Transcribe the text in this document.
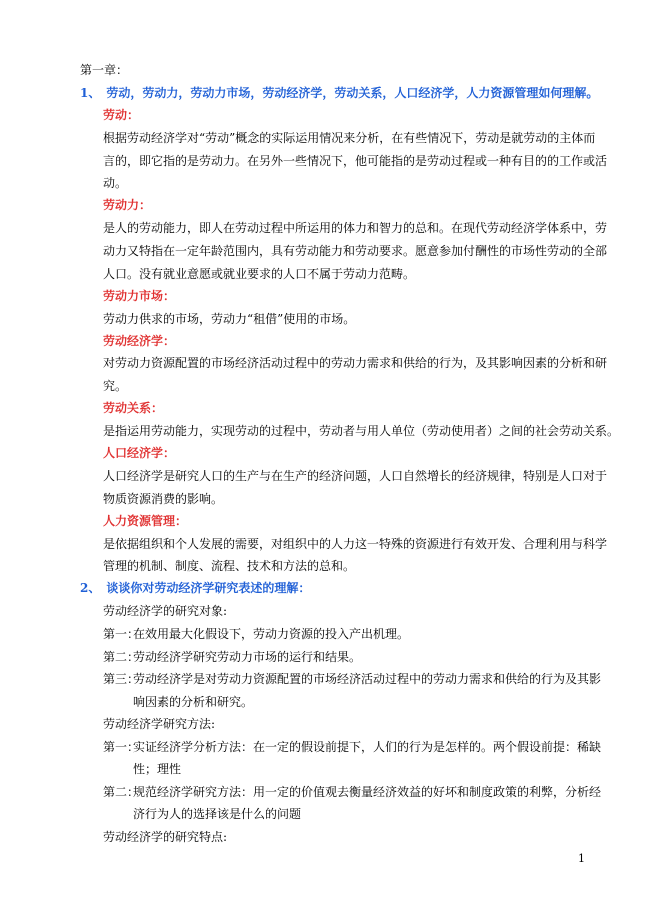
第一章：
1、 劳动，劳动力，劳动力市场，劳动经济学，劳动关系，人口经济学，人力资源管理如何理解。
劳动：
根据劳动经济学对“劳动”概念的实际运用情况来分析，在有些情况下，劳动是就劳动的主体而
言的，即它指的是劳动力。在另外一些情况下，他可能指的是劳动过程或一种有目的的工作或活
动。
劳动力：
是人的劳动能力，即人在劳动过程中所运用的体力和智力的总和。在现代劳动经济学体系中，劳
动力又特指在一定年龄范围内，具有劳动能力和劳动要求。愿意参加付酬性的市场性劳动的全部
人口。没有就业意愿或就业要求的人口不属于劳动力范畴。
劳动力市场：
劳动力供求的市场，劳动力“租借”使用的市场。
劳动经济学：
对劳动力资源配置的市场经济活动过程中的劳动力需求和供给的行为，及其影响因素的分析和研
究。
劳动关系：
是指运用劳动能力，实现劳动的过程中，劳动者与用人单位（劳动使用者）之间的社会劳动关系。
人口经济学：
人口经济学是研究人口的生产与在生产的经济问题，人口自然增长的经济规律，特别是人口对于
物质资源消费的影响。
人力资源管理：
是依据组织和个人发展的需要，对组织中的人力这一特殊的资源进行有效开发、合理利用与科学
管理的机制、制度、流程、技术和方法的总和。
2、 谈谈你对劳动经济学研究表述的理解：
劳动经济学的研究对象:
第一：
在效用最大化假设下，劳动力资源的投入产出机理。
第二：
劳动经济学研究劳动力市场的运行和结果。
第三：
劳动经济学是对劳动力资源配置的市场经济活动过程中的劳动力需求和供给的行为及其影
响因素的分析和研究。
劳动经济学研究方法:
第一：
实证经济学分析方法：在一定的假设前提下，人们的行为是怎样的。两个假设前提：稀缺
性；理性
第二：
规范经济学研究方法：用一定的价值观去衡量经济效益的好坏和制度政策的利弊，分析经
济行为人的选择该是什么的问题
劳动经济学的研究特点:
1
